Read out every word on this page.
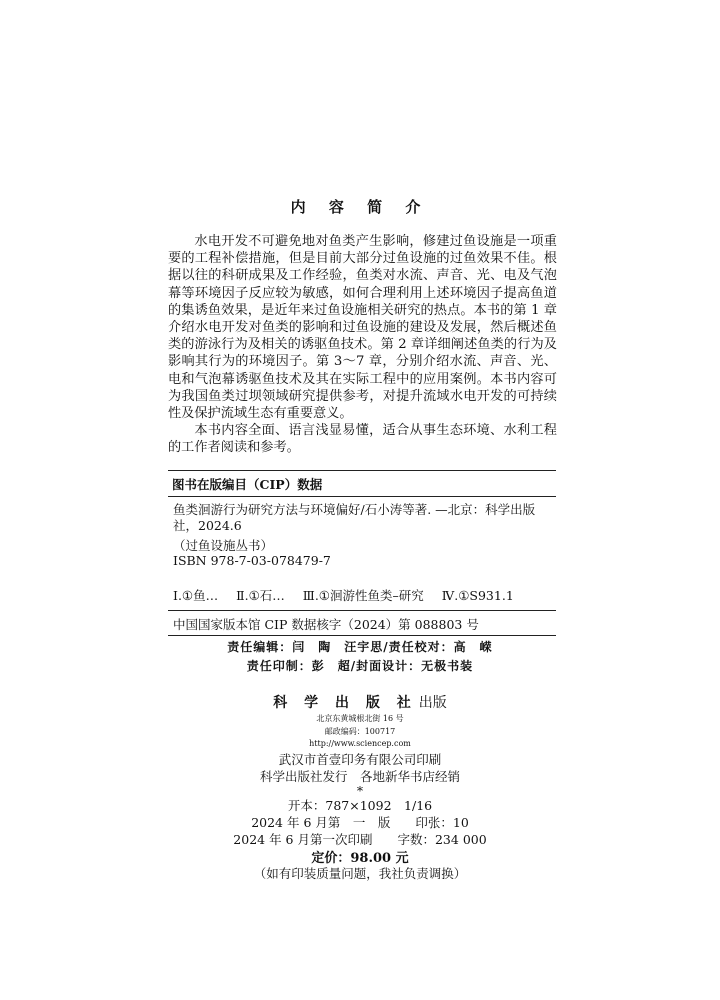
内 容 简 介

水电开发不可避免地对鱼类产生影响，修建过鱼设施是一项重要的工程补偿措施，但是目前大部分过鱼设施的过鱼效果不佳。根据以往的科研成果及工作经验，鱼类对水流、声音、光、电及气泡幕等环境因子反应较为敏感，如何合理利用上述环境因子提高鱼道的集诱鱼效果，是近年来过鱼设施相关研究的热点。本书的第 1 章介绍水电开发对鱼类的影响和过鱼设施的建设及发展，然后概述鱼类的游泳行为及相关的诱驱鱼技术。第 2 章详细阐述鱼类的行为及影响其行为的环境因子。第 3～7 章，分别介绍水流、声音、光、电和气泡幕诱驱鱼技术及其在实际工程中的应用案例。本书内容可为我国鱼类过坝领域研究提供参考，对提升流域水电开发的可持续性及保护流域生态有重要意义。

本书内容全面、语言浅显易懂，适合从事生态环境、水利工程的工作者阅读和参考。

图书在版编目（CIP）数据
鱼类洄游行为研究方法与环境偏好/石小涛等著. —北京：科学出版社，2024.6
（过鱼设施丛书）
ISBN 978-7-03-078479-7
Ⅰ.①鱼… Ⅱ.①石… Ⅲ.①洄游性鱼类–研究 Ⅳ.①S931.1
中国国家版本馆 CIP 数据核字（2024）第 088803 号
责任编辑：闫　陶　汪宇思/责任校对：高　嵘
责任印制：彭　超/封面设计：无极书装
科 学 出 版 社 出版
北京东黄城根北街 16 号
邮政编码：100717
http://www.sciencep.com
武汉市首壹印务有限公司印刷
科学出版社发行　各地新华书店经销
*
开本：787×1092　1/16
2024 年 6 月第　一　版　　印张：10
2024 年 6 月第一次印刷　　字数：234 000
定价：98.00 元
（如有印装质量问题，我社负责调换）
